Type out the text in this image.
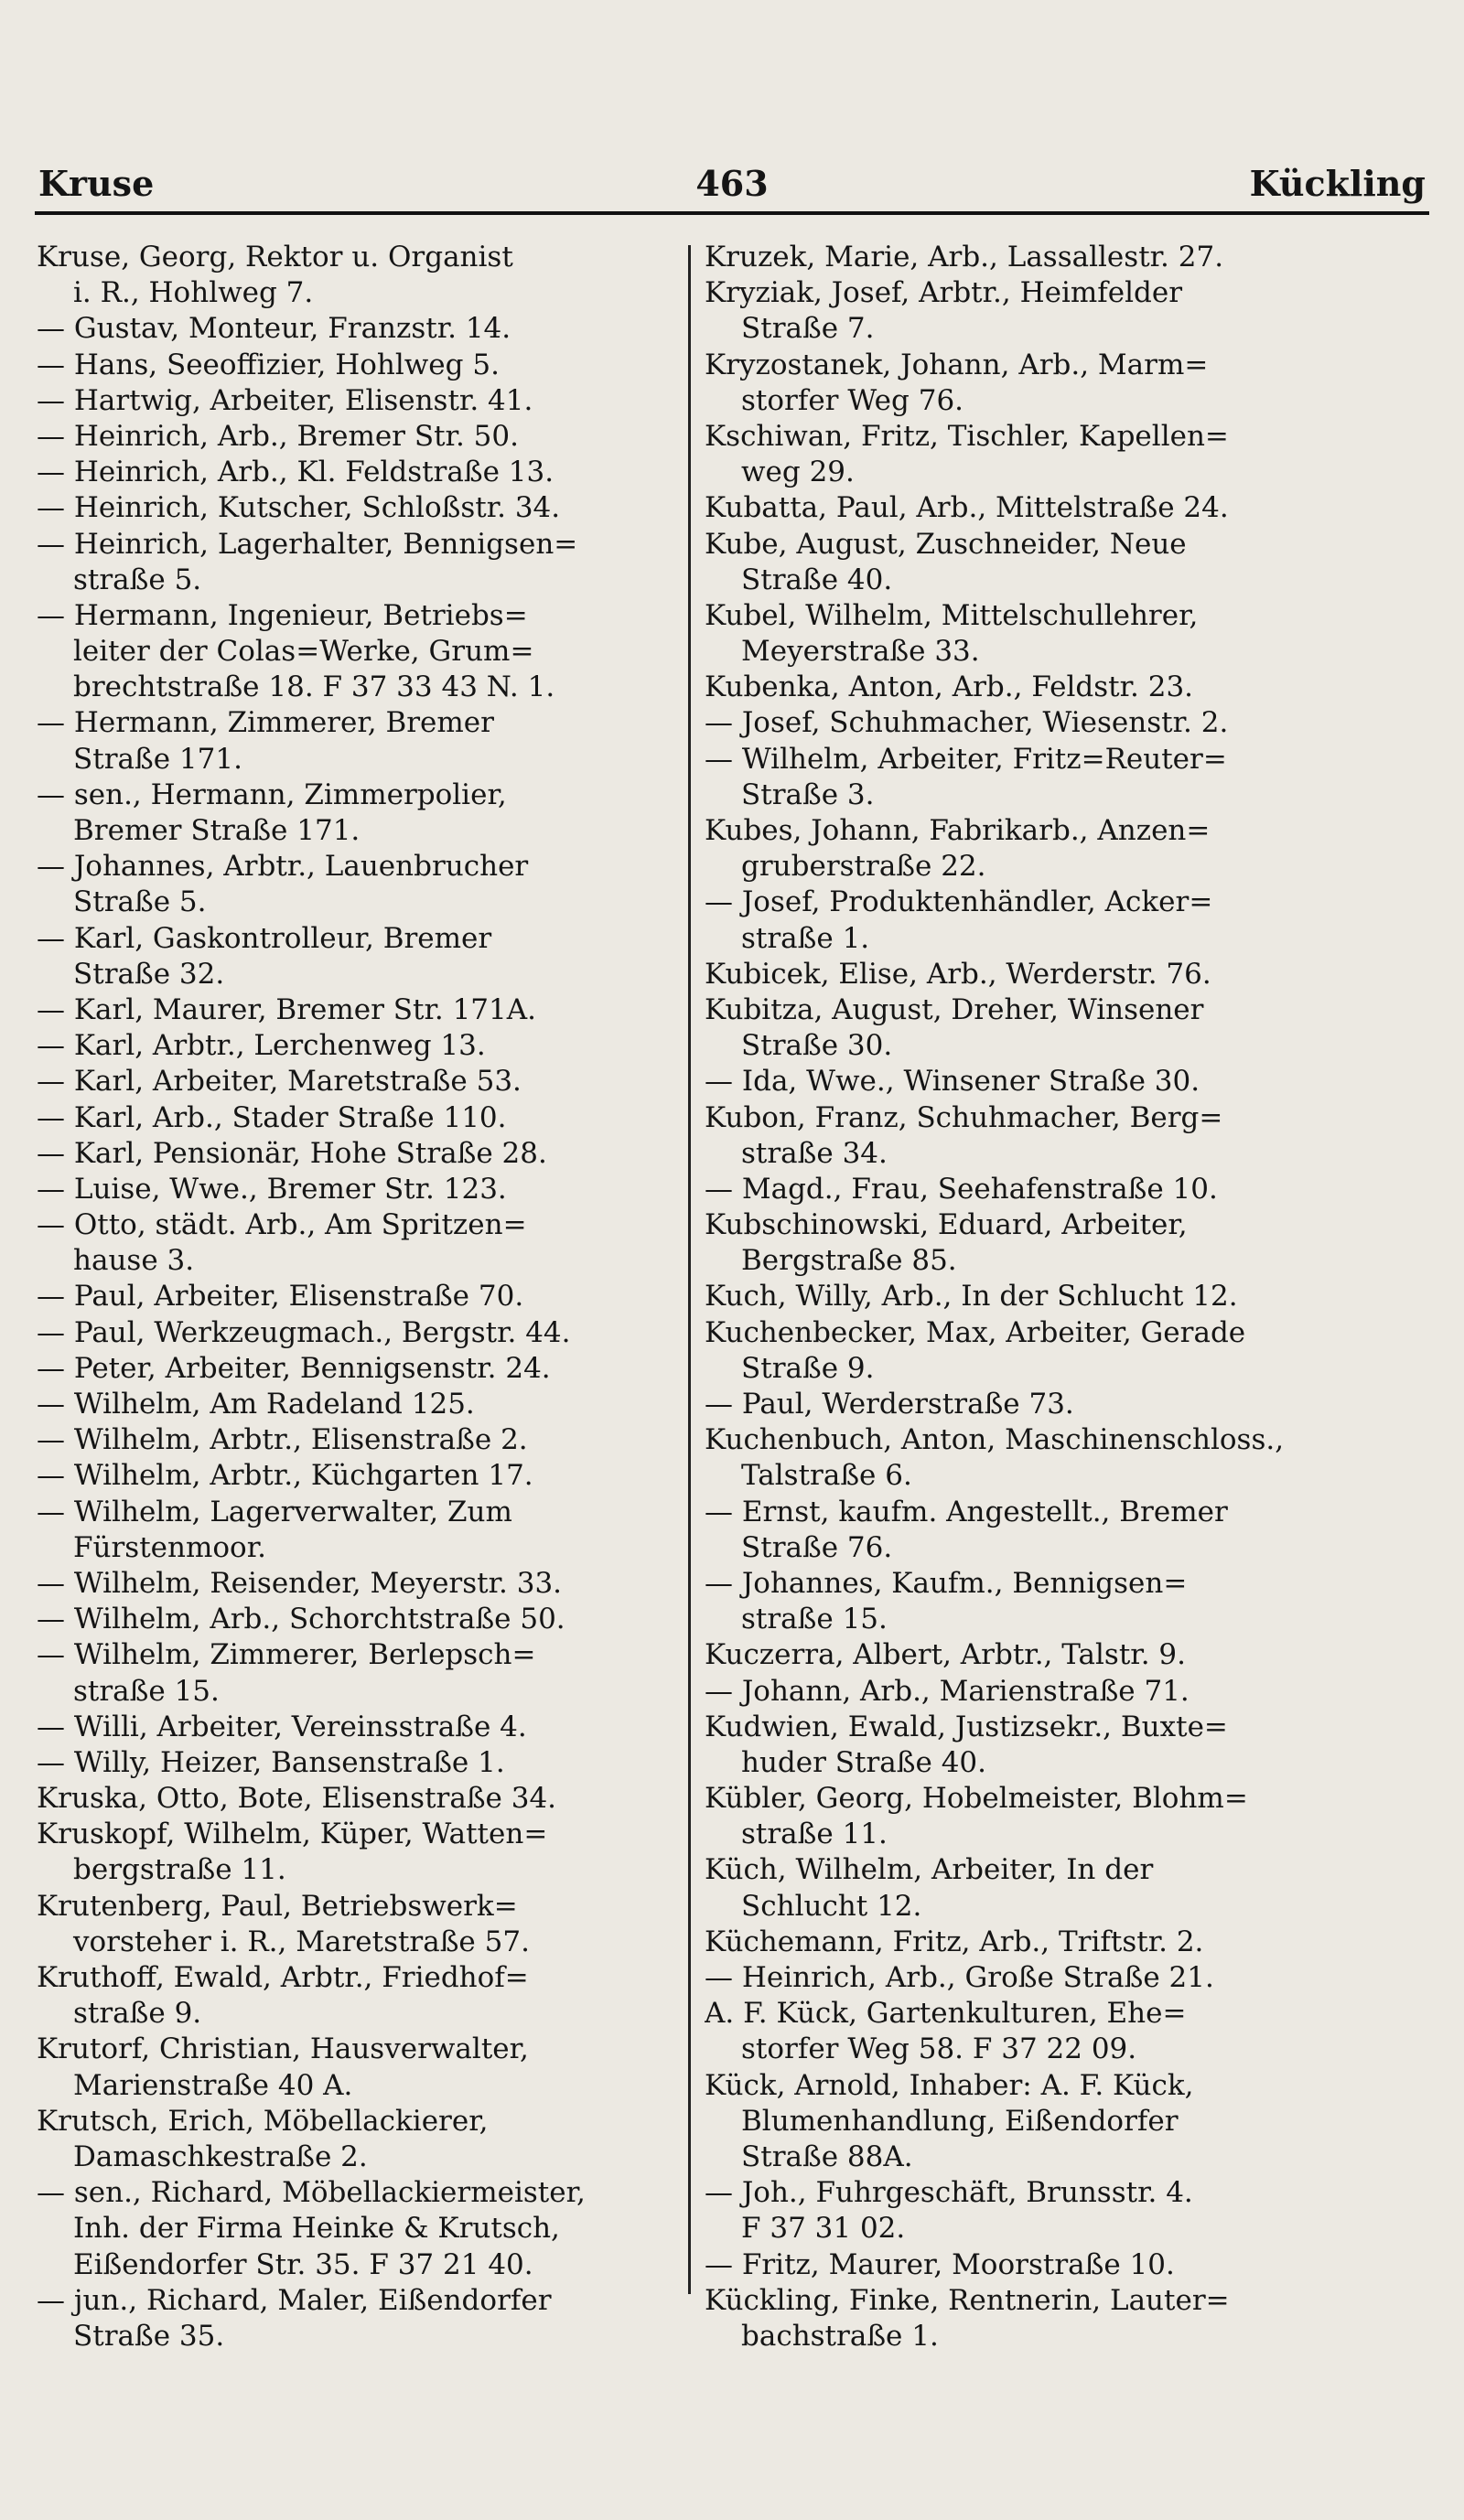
Kruse	463	Kückling
Kruse, Georg, Rektor u. Organist
i. R., Hohlweg 7.
— Gustav, Monteur, Franzstr. 14.
— Hans, Seeoffizier, Hohlweg 5.
— Hartwig, Arbeiter, Elisenstr. 41.
— Heinrich, Arb., Bremer Str. 50.
— Heinrich, Arb., Kl. Feldstraße 13.
— Heinrich, Kutscher, Schloßstr. 34.
— Heinrich, Lagerhalter, Bennigsen=
straße 5.
— Hermann, Ingenieur, Betriebs=
leiter der Colas=Werke, Grum=
brechtstraße 18. F 37 33 43 N. 1.
— Hermann, Zimmerer, Bremer
Straße 171.
— sen., Hermann, Zimmerpolier,
Bremer Straße 171.
— Johannes, Arbtr., Lauenbrucher
Straße 5.
— Karl, Gaskontrolleur, Bremer
Straße 32.
— Karl, Maurer, Bremer Str. 171A.
— Karl, Arbtr., Lerchenweg 13.
— Karl, Arbeiter, Maretstraße 53.
— Karl, Arb., Stader Straße 110.
— Karl, Pensionär, Hohe Straße 28.
— Luise, Wwe., Bremer Str. 123.
— Otto, städt. Arb., Am Spritzen=
hause 3.
— Paul, Arbeiter, Elisenstraße 70.
— Paul, Werkzeugmach., Bergstr. 44.
— Peter, Arbeiter, Bennigsenstr. 24.
— Wilhelm, Am Radeland 125.
— Wilhelm, Arbtr., Elisenstraße 2.
— Wilhelm, Arbtr., Küchgarten 17.
— Wilhelm, Lagerverwalter, Zum
Fürstenmoor.
— Wilhelm, Reisender, Meyerstr. 33.
— Wilhelm, Arb., Schorchtstraße 50.
— Wilhelm, Zimmerer, Berlepsch=
straße 15.
— Willi, Arbeiter, Vereinsstraße 4.
— Willy, Heizer, Bansenstraße 1.
Kruska, Otto, Bote, Elisenstraße 34.
Kruskopf, Wilhelm, Küper, Watten=
bergstraße 11.
Krutenberg, Paul, Betriebswerk=
vorsteher i. R., Maretstraße 57.
Kruthoff, Ewald, Arbtr., Friedhof=
straße 9.
Krutorf, Christian, Hausverwalter,
Marienstraße 40 A.
Krutsch, Erich, Möbellackierer,
Damaschkestraße 2.
— sen., Richard, Möbellackiermeister,
Inh. der Firma Heinke & Krutsch,
Eißendorfer Str. 35. F 37 21 40.
— jun., Richard, Maler, Eißendorfer
Straße 35.
Kruzek, Marie, Arb., Lassallestr. 27.
Kryziak, Josef, Arbtr., Heimfelder
Straße 7.
Kryzostanek, Johann, Arb., Marm=
storfer Weg 76.
Kschiwan, Fritz, Tischler, Kapellen=
weg 29.
Kubatta, Paul, Arb., Mittelstraße 24.
Kube, August, Zuschneider, Neue
Straße 40.
Kubel, Wilhelm, Mittelschullehrer,
Meyerstraße 33.
Kubenka, Anton, Arb., Feldstr. 23.
— Josef, Schuhmacher, Wiesenstr. 2.
— Wilhelm, Arbeiter, Fritz=Reuter=
Straße 3.
Kubes, Johann, Fabrikarb., Anzen=
gruberstraße 22.
— Josef, Produktenhändler, Acker=
straße 1.
Kubicek, Elise, Arb., Werderstr. 76.
Kubitza, August, Dreher, Winsener
Straße 30.
— Ida, Wwe., Winsener Straße 30.
Kubon, Franz, Schuhmacher, Berg=
straße 34.
— Magd., Frau, Seehafenstraße 10.
Kubschinowski, Eduard, Arbeiter,
Bergstraße 85.
Kuch, Willy, Arb., In der Schlucht 12.
Kuchenbecker, Max, Arbeiter, Gerade
Straße 9.
— Paul, Werderstraße 73.
Kuchenbuch, Anton, Maschinenschloss.,
Talstraße 6.
— Ernst, kaufm. Angestellt., Bremer
Straße 76.
— Johannes, Kaufm., Bennigsen=
straße 15.
Kuczerra, Albert, Arbtr., Talstr. 9.
— Johann, Arb., Marienstraße 71.
Kudwien, Ewald, Justizsekr., Buxte=
huder Straße 40.
Kübler, Georg, Hobelmeister, Blohm=
straße 11.
Küch, Wilhelm, Arbeiter, In der
Schlucht 12.
Küchemann, Fritz, Arb., Triftstr. 2.
— Heinrich, Arb., Große Straße 21.
A. F. Kück, Gartenkulturen, Ehe=
storfer Weg 58. F 37 22 09.
Kück, Arnold, Inhaber: A. F. Kück,
Blumenhandlung, Eißendorfer
Straße 88A.
— Joh., Fuhrgeschäft, Brunsstr. 4.
F 37 31 02.
— Fritz, Maurer, Moorstraße 10.
Kückling, Finke, Rentnerin, Lauter=
bachstraße 1.
